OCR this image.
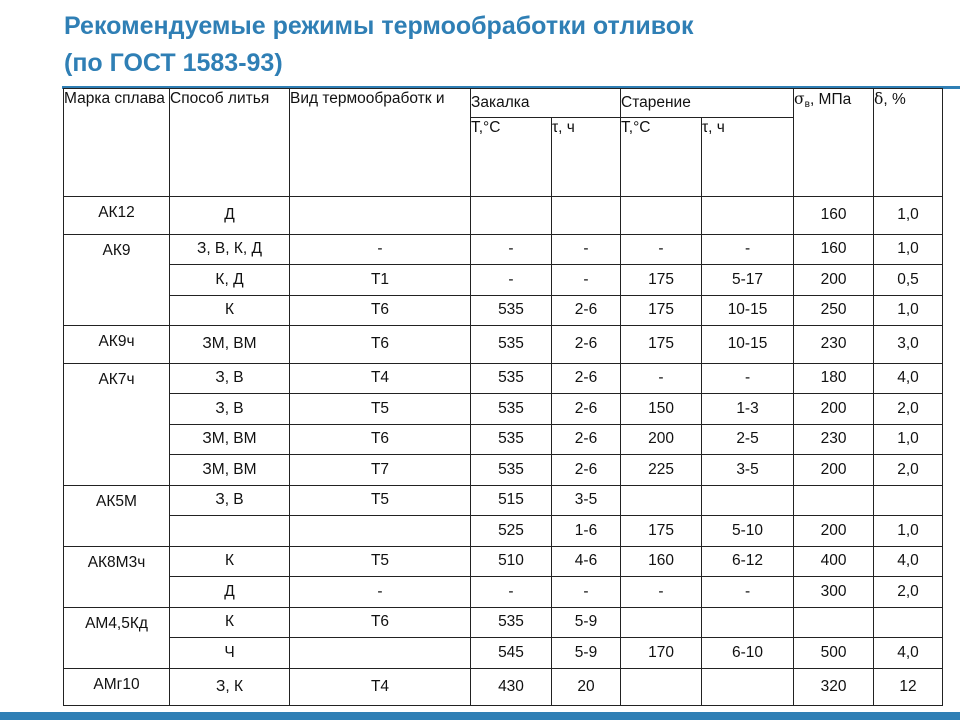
Рекомендуемые режимы термообработки отливок
(по ГОСТ 1583-93)
Марка сплава	Способ литья	Вид термообработк и	Закалка		Старение		σв, МПа	δ, %
			Т,°С	τ, ч	Т,°С	τ, ч		
АК12	Д						160	1,0
АК9	З, В, К, Д	-	-	-	-	-	160	1,0
	К, Д	Т1	-	-	175	5-17	200	0,5
	К	Т6	535	2-6	175	10-15	250	1,0
АК9ч	ЗМ, ВМ	Т6	535	2-6	175	10-15	230	3,0
АК7ч	З, В	Т4	535	2-6	-	-	180	4,0
	З, В	Т5	535	2-6	150	1-3	200	2,0
	ЗМ, ВМ	Т6	535	2-6	200	2-5	230	1,0
	ЗМ, ВМ	Т7	535	2-6	225	3-5	200	2,0
АК5М	З, В	Т5	515	3-5				
			525	1-6	175	5-10	200	1,0
АК8М3ч	К	Т5	510	4-6	160	6-12	400	4,0
	Д	-	-	-	-	-	300	2,0
АМ4,5Кд	К	Т6	535	5-9				
	Ч		545	5-9	170	6-10	500	4,0
АМг10	З, К	Т4	430	20			320	12
